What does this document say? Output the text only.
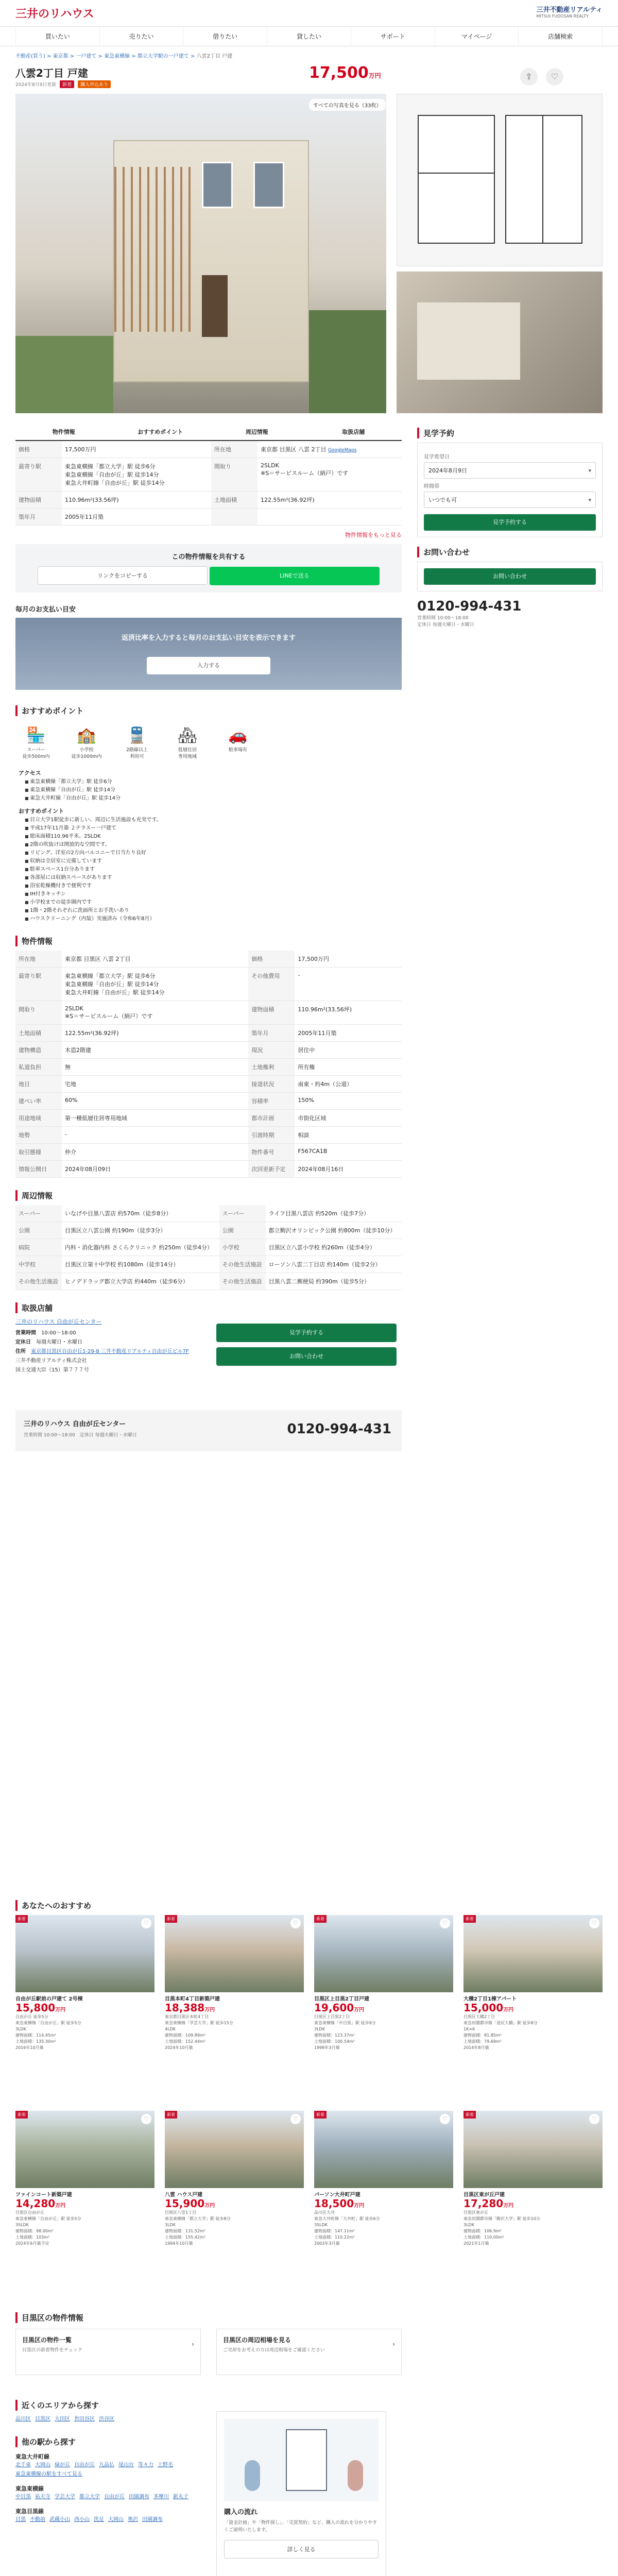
三井のリハウス	三井不動産リアルティ
MITSUI FUDOSAN REALTY
買いたい	売りたい	借りたい	貸したい	サポート	マイページ	店舗検索
不動産(買う) > 東京都 > 一戸建て > 東急東横線 > 都立大学駅の一戸建て > 八雲2丁目 戸建
八雲2丁目 戸建
2024年8月9日更新 新着 購入申込あり
17,500万円	⇪	♡
すべての写真を見る（33枚）
物件情報	おすすめポイント	周辺情報	取扱店舗
価格	17,500万円	所在地	東京都 目黒区 八雲 2丁目 GoogleMaps
最寄り駅	東急東横線「都立大学」駅 徒歩6分
東急東横線「自由が丘」駅 徒歩14分
東急大井町線「自由が丘」駅 徒歩14分	間取り	2SLDK
※S＝サービスルーム（納戸）です
建物面積	110.96m²(33.56坪)	土地面積	122.55m²(36.92坪)
築年月	2005年11月築		
物件情報をもっと見る
この物件情報を共有する
リンクをコピーする	LINEで送る
毎月のお支払い目安

返済比率を入力すると毎月のお支払い目安を表示できます

入力する
おすすめポイント
🏪
スーパー
徒歩500m内
🏫
小学校
徒歩1000m内
🚆
2路線以上
利用可
🏘
低層住居
専用地域
🚗
駐車場有
アクセス
■ 東急東横線「都立大学」駅 徒歩6分
■ 東急東横線「自由が丘」駅 徒歩14分
■ 東急大井町線「自由が丘」駅 徒歩14分
おすすめポイント
■ 目立大学1駅徒歩に新しい、周辺に生活施設も充実です。
■ 平成17年11月築 ２テラスー一戸建て
■ 総床面積110.96平米。2SLDK
■ 2階の吹抜けは開放的な空間です。
■ リビング、洋室の2方向バルコニーで日当たり良好
■ 収納は全居室に完備しています
■ 駐車スペース1台分あります
■ 各部屋には収納スペースがあります
■ 浴室乾燥機付きで便利です
■ IH付きキッチン
■ 小学校までの徒歩圏内です
■ 1階・2階それぞれに洗面所とお手洗いあり
■ ハウスクリーニング（内装）実施済み（令和6年8月）
物件情報
所在地	東京都 目黒区 八雲 2丁目	価格	17,500万円
最寄り駅	東急東横線「都立大学」駅 徒歩6分
東急東横線「自由が丘」駅 徒歩14分
東急大井町線「自由が丘」駅 徒歩14分	その他費用	-
間取り	2SLDK
※S＝サービスルーム（納戸）です	建物面積	110.96m²(33.56坪)
土地面積	122.55m²(36.92坪)	築年月	2005年11月築
建物構造	木造2階建	現況	居住中
私道負担	無	土地権利	所有権
地目	宅地	接道状況	南東・約4m（公道）
建ぺい率	60%	容積率	150%
用途地域	第一種低層住居専用地域	都市計画	市街化区域
地勢	-	引渡時期	相談
取引態様	仲介	物件番号	F567CA1B
情報公開日	2024年08月09日	次回更新予定	2024年08月16日
周辺情報
スーパー	いなげや目黒八雲店 約570m（徒歩8分）	スーパー	ライフ目黒八雲店 約520m（徒歩7分）
公園	目黒区立八雲公園 約190m（徒歩3分）	公園	都立駒沢オリンピック公園 約800m（徒歩10分）
病院	内科・消化器内科 さくらクリニック 約250m（徒歩4分）	小学校	目黒区立八雲小学校 約260m（徒歩4分）
中学校	目黒区立第十中学校 約1080m（徒歩14分）	その他生活施設	ローソン八雲二丁目店 約140m（徒歩2分）
その他生活施設	ヒノデドラッグ都立大学店 約440m（徒歩6分）	その他生活施設	目黒八雲二郵便局 約390m（徒歩5分）
取扱店舗
三井のリハウス 自由が丘センター
営業時間　 10:00～18:00
定休日　 毎週火曜日・水曜日
住所　 東京都目黒区自由が丘1-29-8 三井不動産リアルティ自由が丘ビル7F
三井不動産リアルティ株式会社
国土交通大臣（15）第７７７号
見学予約する
お問い合わせ
三井のリハウス 自由が丘センター
営業時間 10:00～18:00　定休日 毎週火曜日・水曜日	0120-994-431
見学予約
見学希望日
2024年8月9日 ▾
時間帯
いつでも可 ▾
見学予約する
お問い合わせ
お問い合わせ
0120-994-431
営業時間 10:00～18:00
定休日 毎週火曜日・水曜日
あなたへのおすすめ
新着
♡
自由が丘駅前の戸建て 2号棟
15,800万円
自由が丘 徒歩5分
東急東横線「自由が丘」駅 徒歩5分
3LDK
建物面積：114.45m²
土地面積：135.30m²
2016年10月築
新着
♡
目黒本町4丁目新築戸建
18,388万円
東京都目黒区本町4丁目
東急東横線「学芸大学」駅 徒歩15分
4LDK
建物面積：109.89m²
土地面積：152.44m²
2024年10月築
新着
♡
目黒区上目黒2丁目戸建
19,600万円
目黒区上目黒2丁目
東急東横線「中目黒」駅 徒歩9分
3LDK
建物面積：123.37m²
土地面積：100.54m²
1998年3月築
新着
♡
大橋2丁目1棟アパート
15,000万円
目黒区大橋2丁目
東急田園都市線「池尻大橋」駅 徒歩8分
1K×6
建物面積：81.85m²
土地面積：79.69m²
2014年8月築
新着
♡
ファインコート新築戸建
14,280万円
目黒区自由が丘
東急東横線「自由が丘」駅 徒歩5分
3SLDK
建物面積：98.00m²
土地面積：103m²
2024年6月築予定
新着
♡
八雲 ハウス戸建
15,900万円
目黒区八雲1丁目
東急東横線「都立大学」駅 徒歩8分
3LDK
建物面積：131.52m²
土地面積：155.42m²
1994年10月築
新着
♡
パーソン大井町戸建
18,500万円
品川区大井
東急大井町線「大井町」駅 徒歩6分
3SLDK
建物面積：147.11m²
土地面積：110.22m²
2003年3月築
新着
♡
目黒区東が丘戸建
17,280万円
目黒区東が丘
東急田園都市線「駒沢大学」駅 徒歩10分
3LDK
建物面積：106.9m²
土地面積：110.00m²
2021年1月築
目黒区の物件情報
目黒区の物件一覧

目黒区の新着物件をチェック

›
目黒区の周辺相場を見る

ご売却をお考えの方は周辺相場をご確認ください

›
近くのエリアから探す
品川区 目黒区 大田区 世田谷区 渋谷区
他の駅から探す
東急大井町線
北千束 大岡山 緑が丘 自由が丘 九品仏 尾山台 等々力 上野毛
東急東横線の駅をすべて見る
東急東横線
中目黒 祐天寺 学芸大学 都立大学 自由が丘 田園調布 多摩川 新丸子
東急目黒線
目黒 不動前 武蔵小山 西小山 洗足 大岡山 奥沢 田園調布
購入の流れ
「資金計画」や「物件探し」、「売買契約」など、購入の流れを分かりやすくご説明いたします。
詳しく見る
